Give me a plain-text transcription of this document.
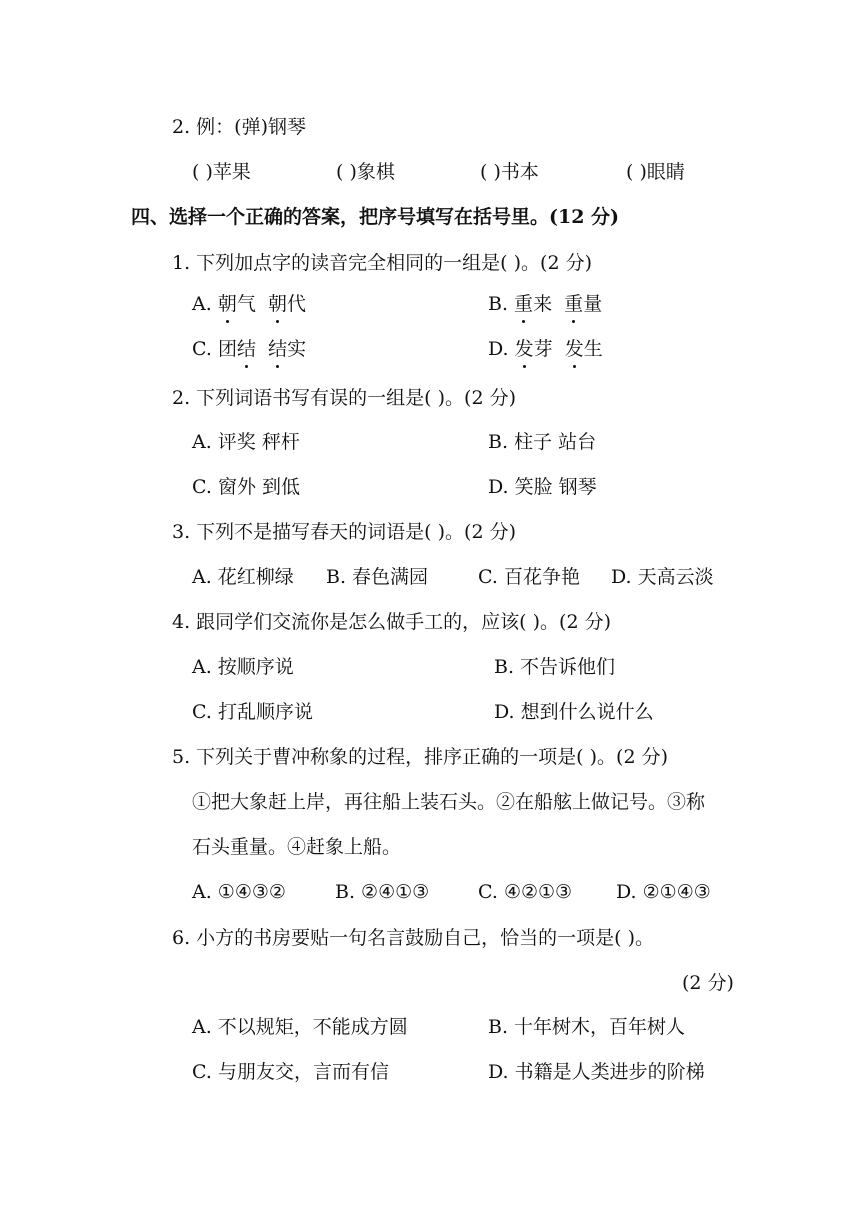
2. 例：(弹)钢琴
( )苹果	( )象棋	( )书本	( )眼睛
四、选择一个正确的答案，把序号填写在括号里。(12 分)
1. 下列加点字的读音完全相同的一组是( )。(2 分)
A. 朝气 朝代	B. 重来 重量
C. 团结 结实	D. 发芽 发生
2. 下列词语书写有误的一组是( )。(2 分)
A. 评奖 秤杆	B. 柱子 站台
C. 窗外 到低	D. 笑脸 钢琴
3. 下列不是描写春天的词语是( )。(2 分)
A. 花红柳绿 B. 春色满园	C. 百花争艳 D. 天高云淡
4. 跟同学们交流你是怎么做手工的，应该( )。(2 分)
A. 按顺序说	B. 不告诉他们
C. 打乱顺序说	D. 想到什么说什么
5. 下列关于曹冲称象的过程，排序正确的一项是( )。(2 分)
①把大象赶上岸，再往船上装石头。②在船舷上做记号。③称
石头重量。④赶象上船。
A. ①④③②	B. ②④①③	C. ④②①③ D. ②①④③
6. 小方的书房要贴一句名言鼓励自己，恰当的一项是( )。
(2 分)
A. 不以规矩，不能成方圆	B. 十年树木，百年树人
C. 与朋友交，言而有信	D. 书籍是人类进步的阶梯
